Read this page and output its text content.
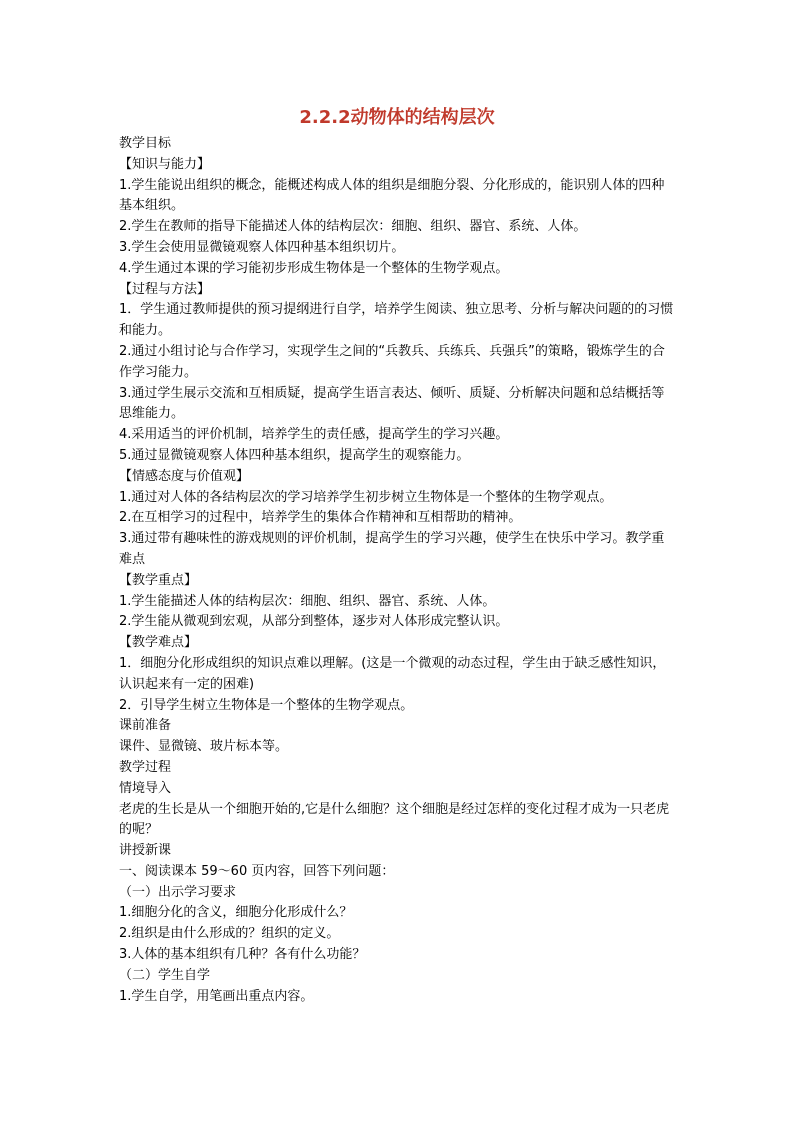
2.2.2动物体的结构层次

教学目标

【知识与能力】

1.学生能说出组织的概念，能概述构成人体的组织是细胞分裂、分化形成的，能识别人体的四种基本组织。

2.学生在教师的指导下能描述人体的结构层次：细胞、组织、器官、系统、人体。

3.学生会使用显微镜观察人体四种基本组织切片。

4.学生通过本课的学习能初步形成生物体是一个整体的生物学观点。

【过程与方法】

1．学生通过教师提供的预习提纲进行自学，培养学生阅读、独立思考、分析与解决问题的的习惯和能力。

2.通过小组讨论与合作学习，实现学生之间的“兵教兵、兵练兵、兵强兵”的策略，锻炼学生的合作学习能力。

3.通过学生展示交流和互相质疑，提高学生语言表达、倾听、质疑、分析解决问题和总结概括等思维能力。

4.采用适当的评价机制，培养学生的责任感，提高学生的学习兴趣。

5.通过显微镜观察人体四种基本组织，提高学生的观察能力。

【情感态度与价值观】

1.通过对人体的各结构层次的学习培养学生初步树立生物体是一个整体的生物学观点。

2.在互相学习的过程中，培养学生的集体合作精神和互相帮助的精神。

3.通过带有趣味性的游戏规则的评价机制，提高学生的学习兴趣，使学生在快乐中学习。教学重难点

【教学重点】

1.学生能描述人体的结构层次：细胞、组织、器官、系统、人体。

2.学生能从微观到宏观，从部分到整体，逐步对人体形成完整认识。

【教学难点】

1．细胞分化形成组织的知识点难以理解。(这是一个微观的动态过程，学生由于缺乏感性知识，认识起来有一定的困难)

2．引导学生树立生物体是一个整体的生物学观点。

课前准备

课件、显微镜、玻片标本等。

教学过程

情境导入

老虎的生长是从一个细胞开始的,它是什么细胞？这个细胞是经过怎样的变化过程才成为一只老虎的呢？

讲授新课

一、阅读课本 59～60 页内容，回答下列问题：

（一）出示学习要求

1.细胞分化的含义，细胞分化形成什么？

2.组织是由什么形成的？组织的定义。

3.人体的基本组织有几种？各有什么功能？

（二）学生自学

1.学生自学，用笔画出重点内容。
